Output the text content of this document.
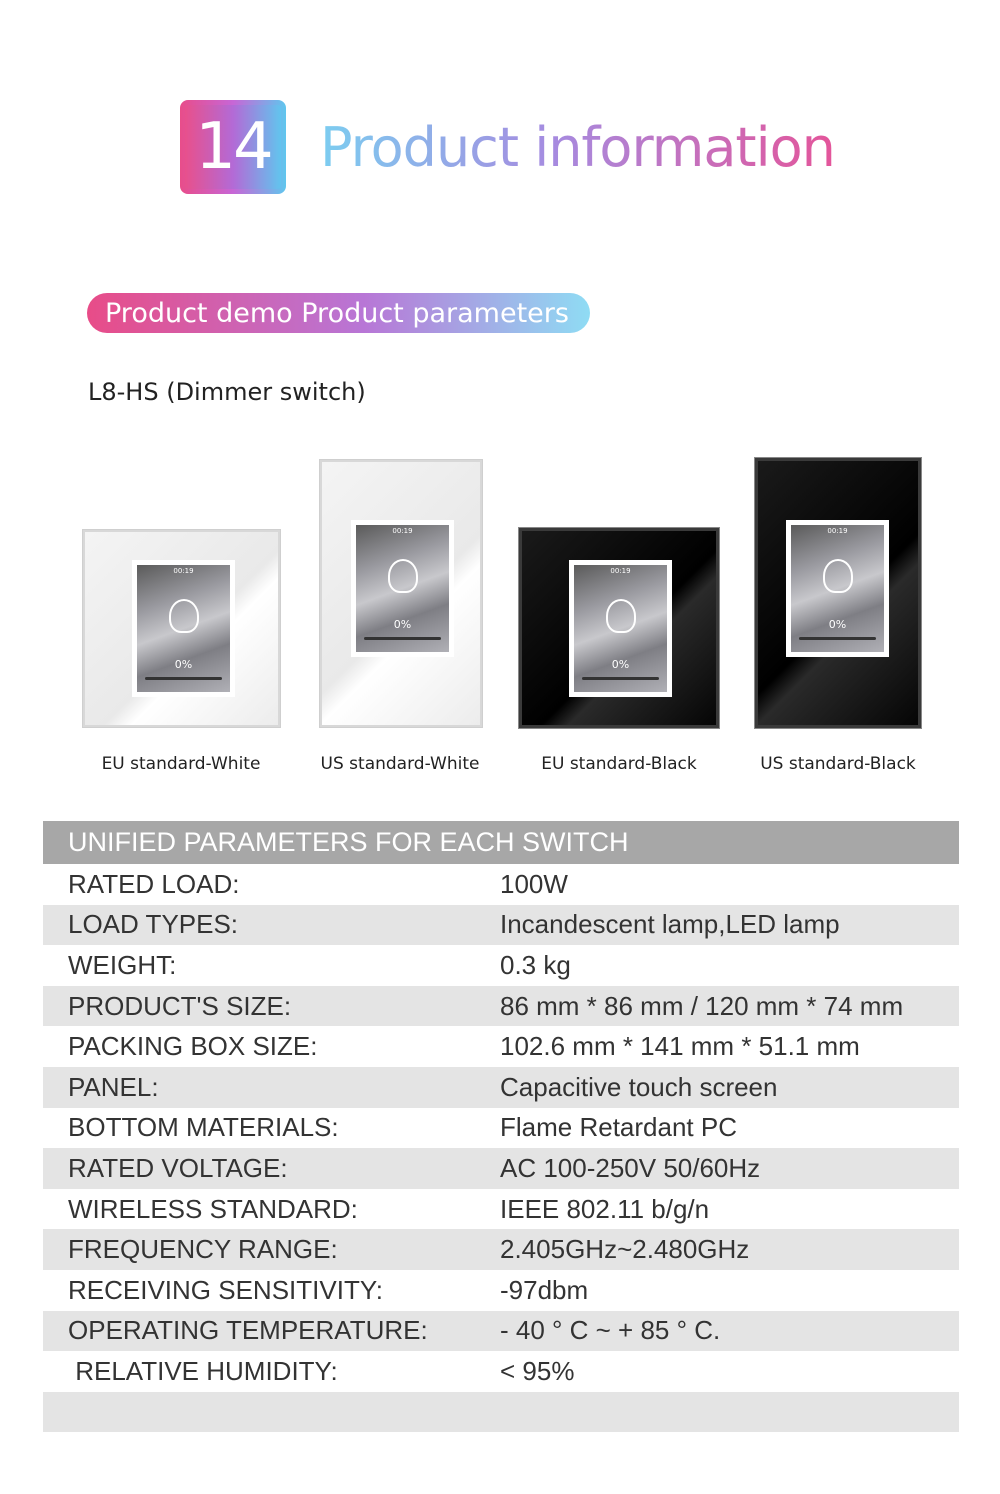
14 Product information
Product demo Product parameters
L8-HS (Dimmer switch)
00:19
0%
00:19
0%
00:19
0%
00:19
0%
EU standard-White	US standard-White	EU standard-Black	US standard-Black
UNIFIED PARAMETERS FOR EACH SWITCH
RATED LOAD:	100W
LOAD TYPES:	Incandescent lamp,LED lamp
WEIGHT:	0.3 kg
PRODUCT'S SIZE:	86 mm * 86 mm / 120 mm * 74 mm
PACKING BOX SIZE:	102.6 mm * 141 mm * 51.1 mm
PANEL:	Capacitive touch screen
BOTTOM MATERIALS:	Flame Retardant PC
RATED VOLTAGE:	AC 100-250V 50/60Hz
WIRELESS STANDARD:	IEEE 802.11 b/g/n
FREQUENCY RANGE:	2.405GHz~2.480GHz
RECEIVING SENSITIVITY:	-97dbm
OPERATING TEMPERATURE:	- 40 ° C ~ + 85 ° C.
RELATIVE HUMIDITY:	< 95%
